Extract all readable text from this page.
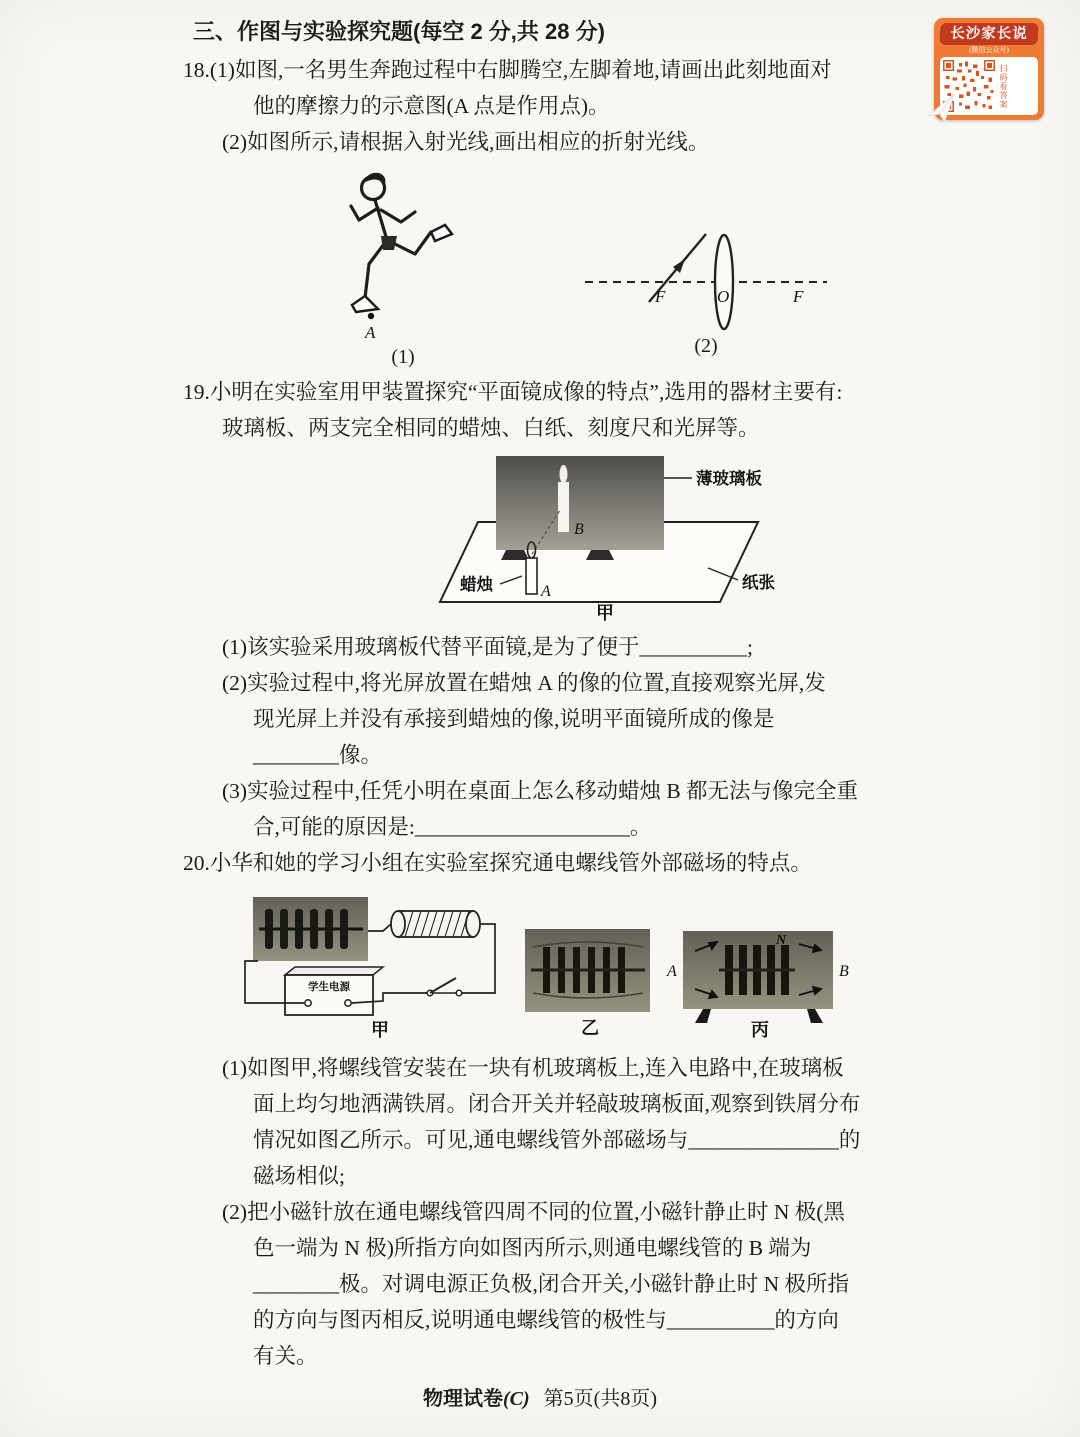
长沙家长说
(微信公众号)
扫码看答案
三、作图与实验探究题(每空 2 分,共 28 分)
18.(1)如图,一名男生奔跑过程中右脚腾空,左脚着地,请画出此刻地面对
他的摩擦力的示意图(A 点是作用点)。
(2)如图所示,请根据入射光线,画出相应的折射光线。
A
(1)
F	O	F
(2)
19.小明在实验室用甲装置探究“平面镜成像的特点”,选用的器材主要有:
玻璃板、两支完全相同的蜡烛、白纸、刻度尺和光屏等。
B
A
薄玻璃板
蜡烛	纸张
甲
(1)该实验采用玻璃板代替平面镜,是为了便于__________;
(2)实验过程中,将光屏放置在蜡烛 A 的像的位置,直接观察光屏,发
现光屏上并没有承接到蜡烛的像,说明平面镜所成的像是
________像。
(3)实验过程中,任凭小明在桌面上怎么移动蜡烛 B 都无法与像完全重
合,可能的原因是:____________________。
20.小华和她的学习小组在实验室探究通电螺线管外部磁场的特点。
学生电源
甲	乙
N
A	B
丙
(1)如图甲,将螺线管安装在一块有机玻璃板上,连入电路中,在玻璃板
面上均匀地洒满铁屑。闭合开关并轻敲玻璃板面,观察到铁屑分布
情况如图乙所示。可见,通电螺线管外部磁场与______________的
磁场相似;
(2)把小磁针放在通电螺线管四周不同的位置,小磁针静止时 N 极(黑
色一端为 N 极)所指方向如图丙所示,则通电螺线管的 B 端为
________极。对调电源正负极,闭合开关,小磁针静止时 N 极所指
的方向与图丙相反,说明通电螺线管的极性与__________的方向
有关。
物理试卷(C) 第5页(共8页)
